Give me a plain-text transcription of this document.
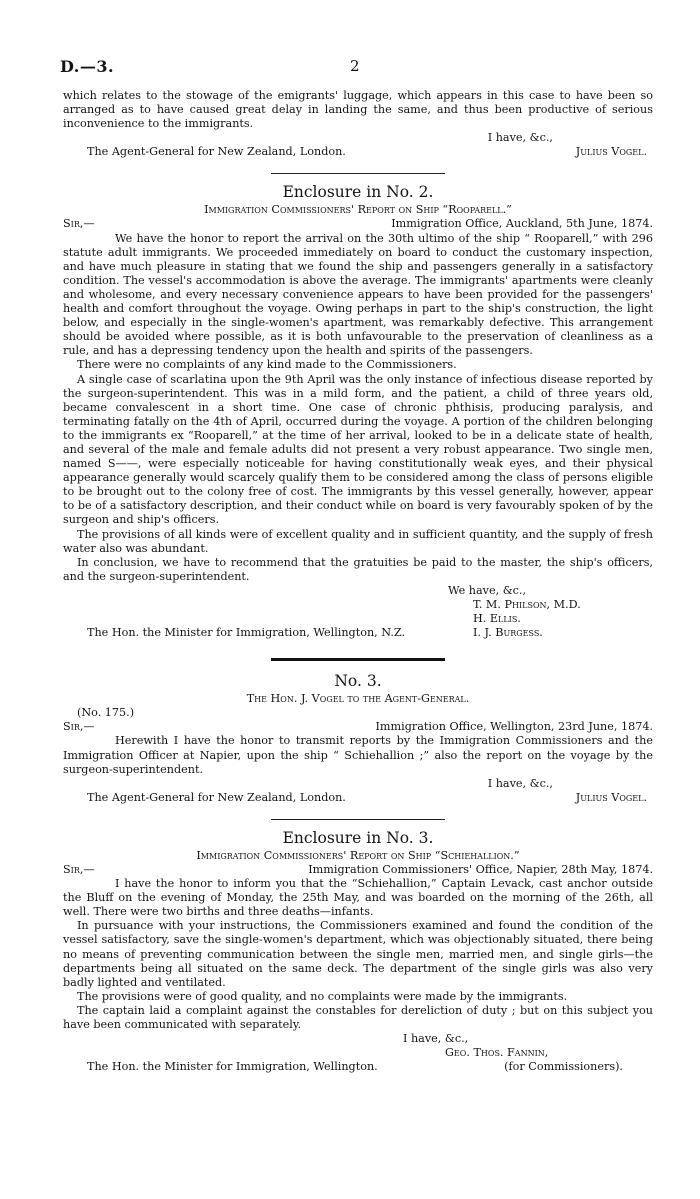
D.—3.	2

which relates to the stowage of the emigrants' luggage, which appears in this case to have been so arranged as to have caused great delay in landing the same, and thus been productive of serious inconvenience to the immigrants.

I have, &c.,
The Agent-General for New Zealand, London.	Julius Vogel.
Enclosure in No. 2.
Immigration Commissioners' Report on Ship “Rooparell.”
Sir,—	Immigration Office, Auckland, 5th June, 1874.

We have the honor to report the arrival on the 30th ultimo of the ship “ Rooparell,” with 296 statute adult immigrants. We proceeded immediately on board to conduct the customary inspection, and have much pleasure in stating that we found the ship and passengers generally in a satisfactory condition. The vessel's accommodation is above the average. The immigrants' apartments were cleanly and wholesome, and every necessary convenience appears to have been provided for the passengers' health and comfort throughout the voyage. Owing perhaps in part to the ship's construction, the light below, and especially in the single-women's apartment, was remarkably defective. This arrangement should be avoided where possible, as it is both unfavourable to the preservation of cleanliness as a rule, and has a depressing tendency upon the health and spirits of the passengers.

There were no complaints of any kind made to the Commissioners.

A single case of scarlatina upon the 9th April was the only instance of infectious disease reported by the surgeon-superintendent. This was in a mild form, and the patient, a child of three years old, became convalescent in a short time. One case of chronic phthisis, producing paralysis, and terminating fatally on the 4th of April, occurred during the voyage. A portion of the children belonging to the immigrants ex “Rooparell,” at the time of her arrival, looked to be in a delicate state of health, and several of the male and female adults did not present a very robust appearance. Two single men, named S——, were especially noticeable for having constitutionally weak eyes, and their physical appearance generally would scarcely qualify them to be considered among the class of persons eligible to be brought out to the colony free of cost. The immigrants by this vessel generally, however, appear to be of a satisfactory description, and their conduct while on board is very favourably spoken of by the surgeon and ship's officers.

The provisions of all kinds were of excellent quality and in sufficient quantity, and the supply of fresh water also was abundant.

In conclusion, we have to recommend that the gratuities be paid to the master, the ship's officers, and the surgeon-superintendent.

We have, &c.,
The Hon. the Minister for Immigration, Wellington, N.Z.
T. M. Philson, M.D.
H. Ellis.
I. J. Burgess.
No. 3.
The Hon. J. Vogel to the Agent-General.
(No. 175.)
Sir,—	Immigration Office, Wellington, 23rd June, 1874.

Herewith I have the honor to transmit reports by the Immigration Commissioners and the Immigration Officer at Napier, upon the ship “ Schiehallion ;” also the report on the voyage by the surgeon-superintendent.

I have, &c.,
The Agent-General for New Zealand, London.	Julius Vogel.
Enclosure in No. 3.
Immigration Commissioners' Report on Ship “Schiehallion.”
Sir,—	Immigration Commissioners' Office, Napier, 28th May, 1874.

I have the honor to inform you that the “Schiehallion,” Captain Levack, cast anchor outside the Bluff on the evening of Monday, the 25th May, and was boarded on the morning of the 26th, all well. There were two births and three deaths—infants.

In pursuance with your instructions, the Commissioners examined and found the condition of the vessel satisfactory, save the single-women's department, which was objectionably situated, there being no means of preventing communication between the single men, married men, and single girls—the departments being all situated on the same deck. The department of the single girls was also very badly lighted and ventilated.

The provisions were of good quality, and no complaints were made by the immigrants.

The captain laid a complaint against the constables for dereliction of duty ; but on this subject you have been communicated with separately.

I have, &c.,
Geo. Thos. Fannin,
The Hon. the Minister for Immigration, Wellington.	(for Commissioners).
